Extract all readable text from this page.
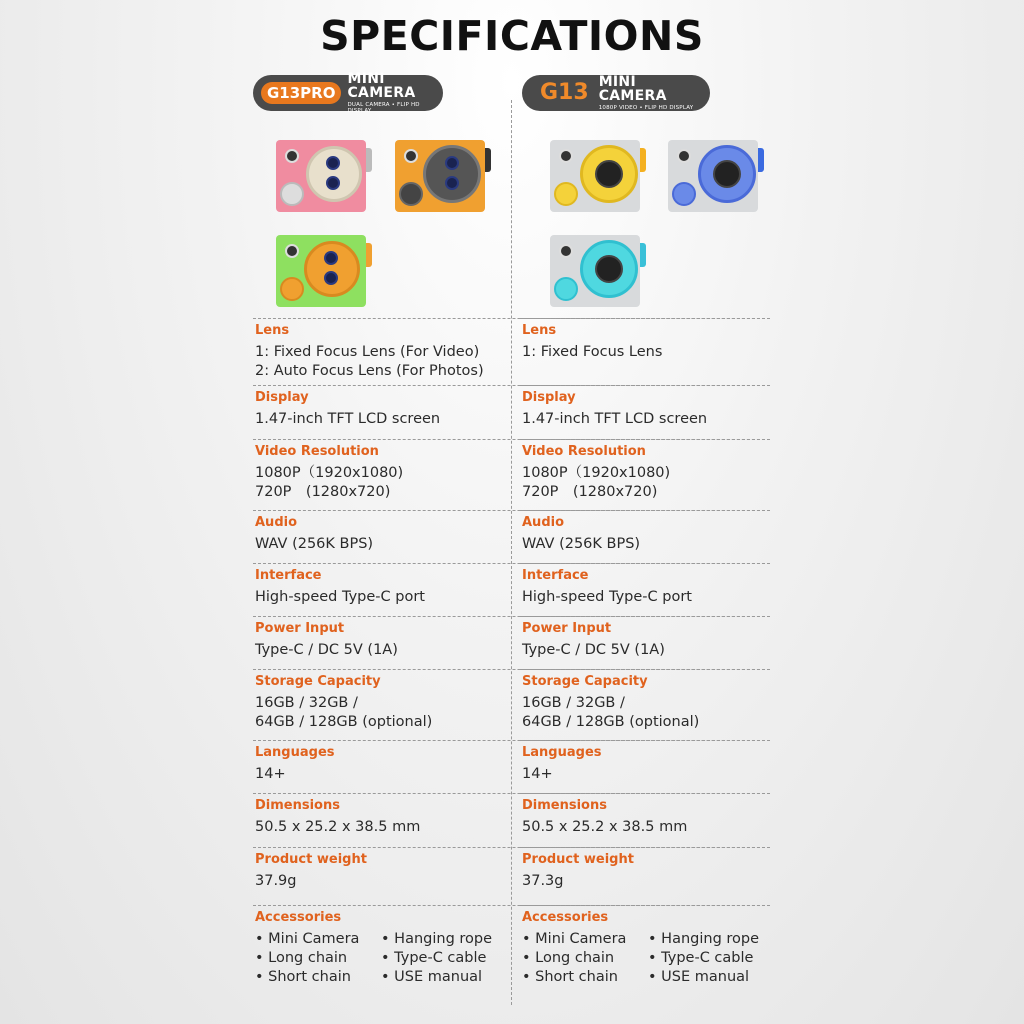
SPECIFICATIONS
G13PRO
MINI CAMERA
DUAL CAMERA • FLIP HD DISPLAY
Lens
1: Fixed Focus Lens (For Video)
2: Auto Focus Lens (For Photos)
Display
1.47-inch TFT LCD screen
Video Resolution
1080P（1920x1080)
720P　(1280x720)
Audio
WAV (256K BPS)
Interface
High-speed Type-C port
Power Input
Type-C / DC 5V (1A)
Storage Capacity
16GB / 32GB /
64GB / 128GB (optional)
Languages
14+
Dimensions
50.5 x 25.2 x 38.5 mm
Product weight
37.9g
Accessories
• Mini Camera	• Hanging rope
• Long chain	• Type-C cable
• Short chain	• USE manual
G13 MINI CAMERA
1080P VIDEO • FLIP HD DISPLAY
Lens
1: Fixed Focus Lens
Display
1.47-inch TFT LCD screen
Video Resolution
1080P（1920x1080)
720P　(1280x720)
Audio
WAV (256K BPS)
Interface
High-speed Type-C port
Power Input
Type-C / DC 5V (1A)
Storage Capacity
16GB / 32GB /
64GB / 128GB (optional)
Languages
14+
Dimensions
50.5 x 25.2 x 38.5 mm
Product weight
37.3g
Accessories
• Mini Camera	• Hanging rope
• Long chain	• Type-C cable
• Short chain	• USE manual
